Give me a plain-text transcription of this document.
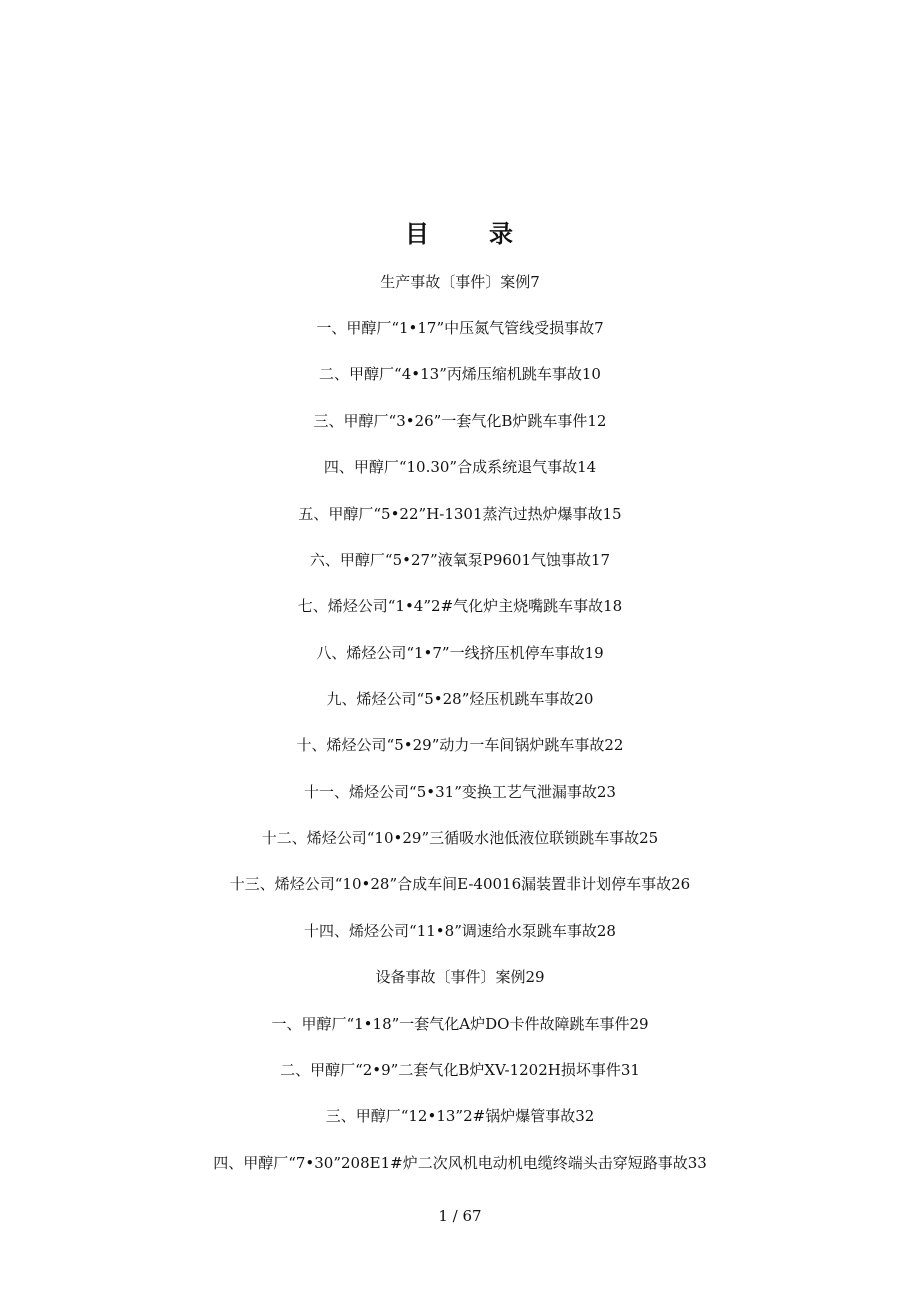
目 录
生产事故〔事件〕案例7
一、甲醇厂“1•17”中压氮气管线受损事故7
二、甲醇厂“4•13”丙烯压缩机跳车事故10
三、甲醇厂“3•26”一套气化B炉跳车事件12
四、甲醇厂“10.30”合成系统退气事故14
五、甲醇厂“5•22”H-1301蒸汽过热炉爆事故15
六、甲醇厂“5•27”液氧泵P9601气蚀事故17
七、烯烃公司“1•4”2#气化炉主烧嘴跳车事故18
八、烯烃公司“1•7”一线挤压机停车事故19
九、烯烃公司“5•28”烃压机跳车事故20
十、烯烃公司“5•29”动力一车间锅炉跳车事故22
十一、烯烃公司“5•31”变换工艺气泄漏事故23
十二、烯烃公司“10•29”三循吸水池低液位联锁跳车事故25
十三、烯烃公司“10•28”合成车间E-40016漏装置非计划停车事故26
十四、烯烃公司“11•8”调速给水泵跳车事故28
设备事故〔事件〕案例29
一、甲醇厂“1•18”一套气化A炉DO卡件故障跳车事件29
二、甲醇厂“2•9”二套气化B炉XV-1202H损坏事件31
三、甲醇厂“12•13”2#锅炉爆管事故32
四、甲醇厂“7•30”208E1#炉二次风机电动机电缆终端头击穿短路事故33
1 / 67
